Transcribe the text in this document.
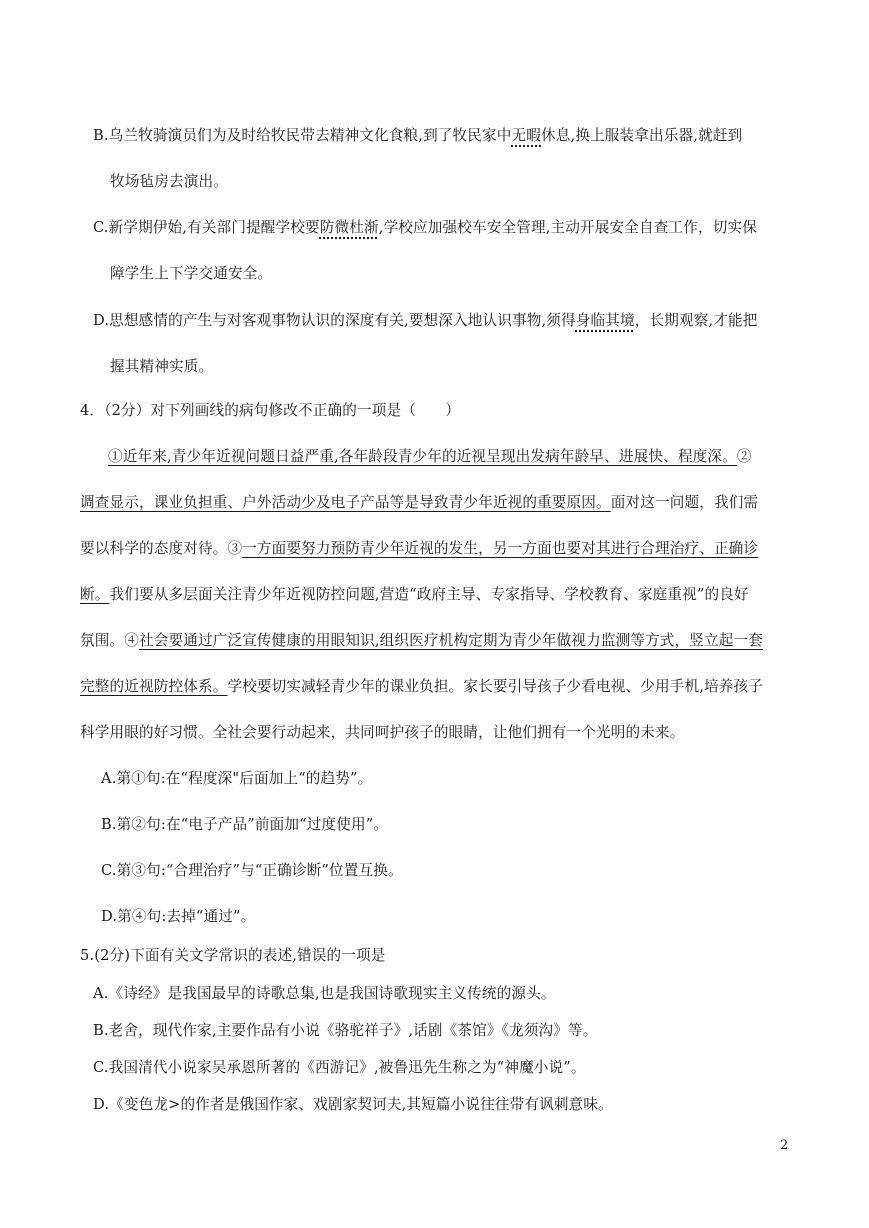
B.乌兰牧骑演员们为及时给牧民带去精神文化食粮,到了牧民家中无暇休息,换上服装拿出乐器,就赶到
牧场毡房去演出。
C.新学期伊始,有关部门提醒学校要防微杜渐,学校应加强校车安全管理,主动开展安全自查工作，切实保
障学生上下学交通安全。
D.思想感情的产生与对客观事物认识的深度有关,要想深入地认识事物,须得身临其境，长期观察,才能把
握其精神实质。
4．（2分）对下列画线的病句修改不正确的一项是（　　）
①近年来,青少年近视问题日益严重,各年龄段青少年的近视呈现出发病年龄早、进展快、程度深。②
调查显示，课业负担重、户外活动少及电子产品等是导致青少年近视的重要原因。面对这一问题，我们需
要以科学的态度对待。③一方面要努力预防青少年近视的发生，另一方面也要对其进行合理治疗、正确诊
断。我们要从多层面关注青少年近视防控问题,营造“政府主导、专家指导、学校教育、家庭重视”的良好
氛围。④社会要通过广泛宣传健康的用眼知识,组织医疗机构定期为青少年做视力监测等方式，竖立起一套
完整的近视防控体系。学校要切实减轻青少年的课业负担。家长要引导孩子少看电视、少用手机,培养孩子
科学用眼的好习惯。全社会要行动起来，共同呵护孩子的眼睛，让他们拥有一个光明的未来。
A.第①句:在“程度深"后面加上“的趋势”。
B.第②句:在“电子产品”前面加“过度使用”。
C.第③句:“合理治疗”与“正确诊断”位置互换。
D.第④句:去掉“通过”。
5.(2分)下面有关文学常识的表述,错误的一项是
A.《诗经》是我国最早的诗歌总集,也是我国诗歌现实主义传统的源头。
B.老舍，现代作家,主要作品有小说《骆驼祥子》,话剧《茶馆》《龙须沟》等。
C.我国清代小说家吴承恩所著的《西游记》,被鲁迅先生称之为“神魔小说”。
D.《变色龙>的作者是俄国作家、戏剧家契诃夫,其短篇小说往往带有讽刺意味。
2
